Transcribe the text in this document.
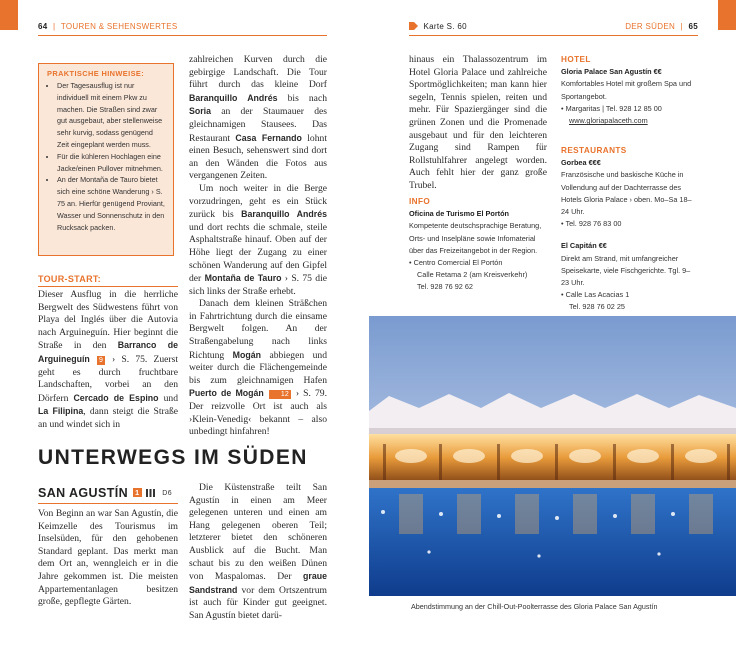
64 | TOUREN & SEHENSWERTES	Karte S. 60	DER SÜDEN | 65
PRAKTISCHE HINWEISE:
• Der Tagesausflug ist nur individuell mit einem Pkw zu machen. Die Straßen sind zwar gut ausgebaut, aber stellenweise sehr kurvig, sodass genügend Zeit eingeplant werden muss.
• Für die kühleren Hochlagen eine Jacke/einen Pullover mitnehmen.
• An der Montaña de Tauro bietet sich eine schöne Wanderung › S. 75 an. Hierfür genügend Proviant, Wasser und Sonnenschutz in den Rucksack packen.
TOUR-START:

Dieser Ausflug in die herrliche Bergwelt des Südwestens führt von Playa del Inglés über die Autovia nach Arguineguín. Hier beginnt die Straße in den Barranco de Arguineguín 9 › S. 75. Zuerst geht es durch fruchtbare Landschaften, vorbei an den Dörfern Cercado de Espino und La Filipina, dann steigt die Straße an und windet sich in

zahlreichen Kurven durch die gebirgige Landschaft. Die Tour führt durch das kleine Dorf Baranquillo Andrés bis nach Soria an der Staumauer des gleichnamigen Stausees. Das Restaurant Casa Fernando lohnt einen Besuch, sehenswert sind dort an den Wänden die Fotos aus vergangenen Zeiten.

Um noch weiter in die Berge vorzudringen, geht es ein Stück zurück bis Baranquillo Andrés und dort rechts die schmale, steile Asphaltstraße hinauf. Oben auf der Höhe liegt der Zugang zu einer schönen Wanderung auf den Gipfel der Montaña de Tauro › S. 75 die sich links der Straße erhebt.

Danach dem kleinen Sträßchen in Fahrtrichtung durch die einsame Bergwelt folgen. An der Straßengabelung nach links Richtung Mogán abbiegen und weiter durch die Flächengemeinde bis zum gleichnamigen Hafen Puerto de Mogán 12 › S. 79. Der reizvolle Ort ist auch als ›Klein-Venedig‹ bekannt – also unbedingt hinfahren!

UNTERWEGS IM SÜDEN
SAN AGUSTÍN 1	D6

Von Beginn an war San Agustín, die Keimzelle des Tourismus im Inselsüden, für den gehobenen Standard geplant. Das merkt man dem Ort an, wenngleich er in die Jahre gekommen ist. Die meisten Appartementanlagen besitzen große, gepflegte Gärten.

Die Küstenstraße teilt San Agustín in einen am Meer gelegenen unteren und einen am Hang gelegenen oberen Teil; letzterer bietet den schöneren Ausblick auf die Bucht. Man schaut bis zu den weißen Dünen von Maspalomas. Der graue Sandstrand vor dem Ortszentrum ist auch für Kinder gut geeignet. San Agustín bietet darü-

hinaus ein Thalassozentrum im Hotel Gloria Palace und zahlreiche Sportmöglichkeiten; man kann hier segeln, Tennis spielen, reiten und mehr. Für Spaziergänger sind die grünen Zonen und die Promenade ausgebaut und für den leichteren Zugang sind Rampen für Rollstuhlfahrer angelegt worden. Auch fehlt hier der ganz große Trubel.

INFO
Oficina de Turismo El Portón
Kompetente deutschsprachige Beratung, Orts- und Inselpläne sowie Infomaterial über das Freizeitangebot in der Region.
• Centro Comercial El Portón
Calle Retama 2 (am Kreisverkehr)
Tel. 928 76 92 62
HOTEL
Gloria Palace San Agustín €€
Komfortables Hotel mit großem Spa und Sportangebot.
• Margaritas | Tel. 928 12 85 00
www.gloriapalaceth.com
RESTAURANTS
Gorbea €€€
Französische und baskische Küche in Vollendung auf der Dachterrasse des Hotels Gloria Palace › oben. Mo–Sa 18–24 Uhr.
• Tel. 928 76 83 00
El Capitán €€
Direkt am Strand, mit umfangreicher Speisekarte, viele Fischgerichte. Tgl. 9–23 Uhr.
• Calle Las Acacias 1
Tel. 928 76 02 25
Abendstimmung an der Chill-Out-Poolterrasse des Gloria Palace San Agustín
